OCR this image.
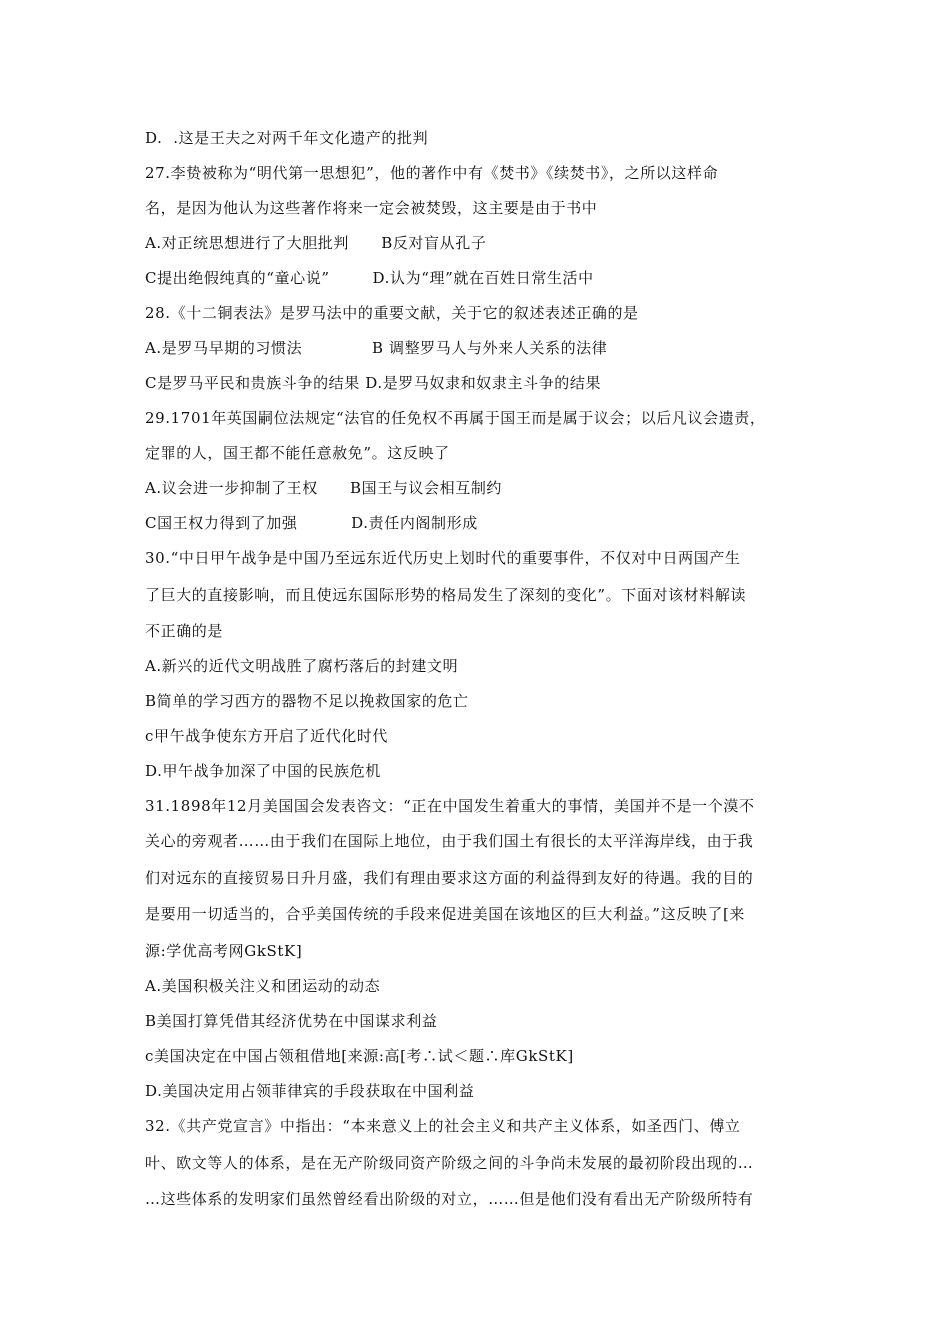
D.  .这是王夫之对两千年文化遗产的批判
27.李贽被称为“明代第一思想犯”，他的著作中有《焚书》《续焚书》，之所以这样命
名，是因为他认为这些著作将来一定会被焚毁，这主要是由于书中
A.对正统思想进行了大胆批判      B反对盲从孔子
C提出绝假纯真的“童心说”        D.认为“理”就在百姓日常生活中
28.《十二铜表法》是罗马法中的重要文献，关于它的叙述表述正确的是
A.是罗马早期的习惯法             B 调整罗马人与外来人关系的法律
C是罗马平民和贵族斗争的结果 D.是罗马奴隶和奴隶主斗争的结果
29.1701年英国嗣位法规定“法官的任免权不再属于国王而是属于议会；以后凡议会遗责，
定罪的人，国王都不能任意赦免”。这反映了
A.议会进一步抑制了王权      B国王与议会相互制约
C国王权力得到了加强          D.责任内阁制形成
30.“中日甲午战争是中国乃至远东近代历史上划时代的重要事件，不仅对中日两国产生
了巨大的直接影响，而且使远东国际形势的格局发生了深刻的变化”。下面对该材料解读
不正确的是
A.新兴的近代文明战胜了腐朽落后的封建文明
B简单的学习西方的器物不足以挽救国家的危亡
c甲午战争使东方开启了近代化时代
D.甲午战争加深了中国的民族危机
31.1898年12月美国国会发表咨文：“正在中国发生着重大的事情，美国并不是一个漠不
关心的旁观者……由于我们在国际上地位，由于我们国土有很长的太平洋海岸线，由于我
们对远东的直接贸易日升月盛，我们有理由要求这方面的利益得到友好的待遇。我的目的
是要用一切适当的，合乎美国传统的手段来促进美国在该地区的巨大利益。”这反映了[来
源:学优高考网GkStK]
A.美国积极关注义和团运动的动态
B美国打算凭借其经济优势在中国谋求利益
c美国决定在中国占领租借地[来源:高[考∴试＜题∴库GkStK]
D.美国决定用占领菲律宾的手段获取在中国利益
32.《共产党宣言》中指出：“本来意义上的社会主义和共产主义体系，如圣西门、傅立
叶、欧文等人的体系，是在无产阶级同资产阶级之间的斗争尚未发展的最初阶段出现的…
…这些体系的发明家们虽然曾经看出阶级的对立，……但是他们没有看出无产阶级所特有
